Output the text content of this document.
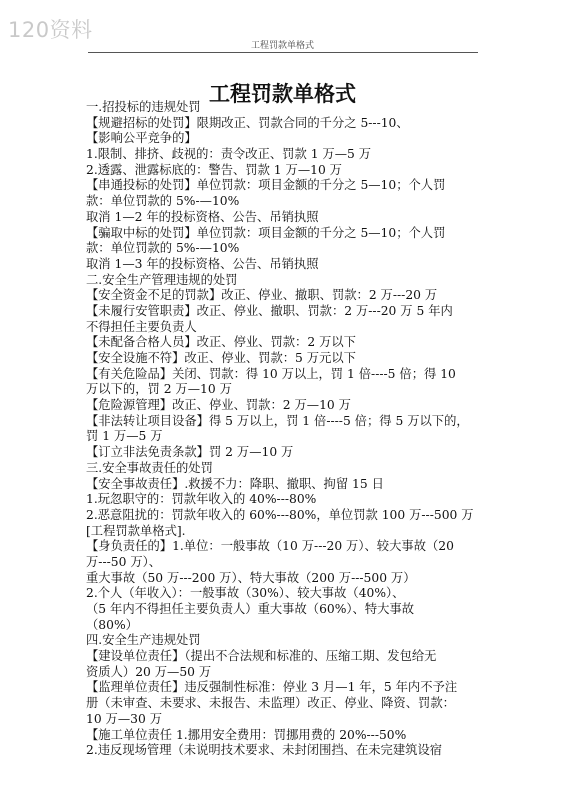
120资料
工程罚款单格式
工程罚款单格式
一.招投标的违规处罚
【规避招标的处罚】限期改正、罚款合同的千分之 5---10、
【影响公平竞争的】
1.限制、排挤、歧视的：责令改正、罚款 1 万—5 万
2.透露、泄露标底的：警告、罚款 1 万—10 万
【串通投标的处罚】单位罚款：项目金额的千分之 5—10；个人罚
款：单位罚款的 5%-—10%
取消 1—2 年的投标资格、公告、吊销执照
【骗取中标的处罚】单位罚款：项目金额的千分之 5—10；个人罚
款：单位罚款的 5%-—10%
取消 1—3 年的投标资格、公告、吊销执照
二.安全生产管理违规的处罚
【安全资金不足的罚款】改正、停业、撤职、罚款：2 万---20 万
【未履行安管职责】改正、停业、撤职、罚款：2 万---20 万 5 年内
不得担任主要负责人
【未配备合格人员】改正、停业、罚款：2 万以下
【安全设施不符】改正、停业、罚款：5 万元以下
【有关危险品】关闭、罚款：得 10 万以上，罚 1 倍----5 倍；得 10
万以下的，罚 2 万—10 万
【危险源管理】改正、停业、罚款：2 万—10 万
【非法转让项目设备】得 5 万以上，罚 1 倍----5 倍；得 5 万以下的，
罚 1 万—5 万
【订立非法免责条款】罚 2 万—10 万
三.安全事故责任的处罚
【安全事故责任】.救援不力：降职、撤职、拘留 15 日
1.玩忽职守的：罚款年收入的 40%---80%
2.恶意阻扰的：罚款年收入的 60%---80%，单位罚款 100 万---500 万
[工程罚款单格式].
【身负责任的】1.单位：一般事故（10 万---20 万）、较大事故（20
万---50 万）、
重大事故（50 万---200 万）、特大事故（200 万---500 万）
2.个人（年收入）：一般事故（30%）、较大事故（40%）、
（5 年内不得担任主要负责人）重大事故（60%）、特大事故
（80%）
四.安全生产违规处罚
【建设单位责任】（提出不合法规和标准的、压缩工期、发包给无
资质人）20 万—50 万
【监理单位责任】违反强制性标准：停业 3 月—1 年，5 年内不予注
册（未审查、未要求、未报告、未监理）改正、停业、降资、罚款：
10 万—30 万
【施工单位责任 1.挪用安全费用：罚挪用费的 20%---50%
2.违反现场管理（未说明技术要求、未封闭围挡、在未完建筑设宿
